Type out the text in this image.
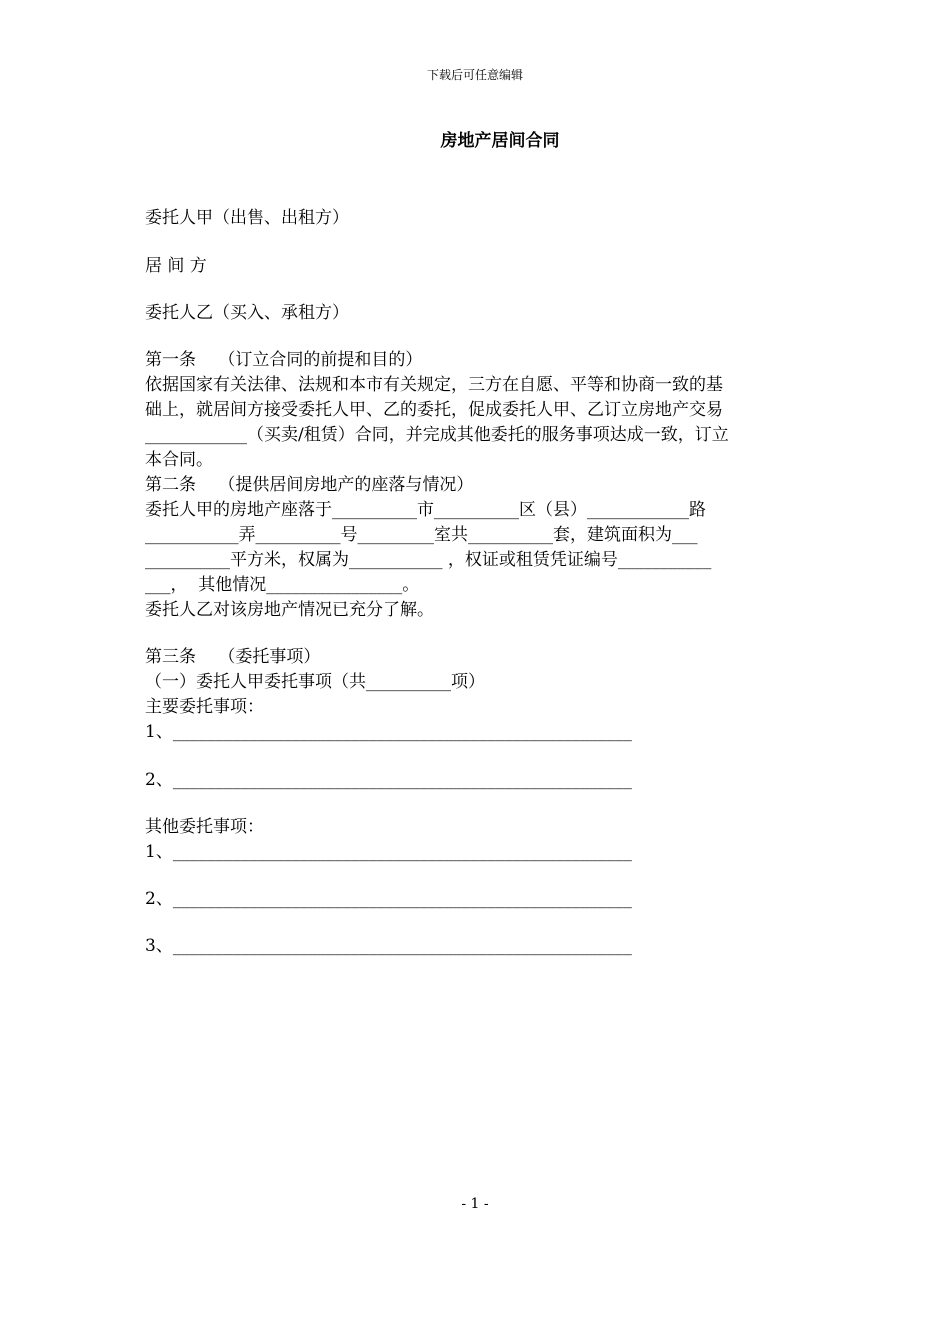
下载后可任意编辑
房地产居间合同
委托人甲（出售、出租方）
居 间 方
委托人乙（买入、承租方）
第一条　 （订立合同的前提和目的）
依据国家有关法律、法规和本市有关规定，三方在自愿、平等和协商一致的基
础上，就居间方接受委托人甲、乙的委托，促成委托人甲、乙订立房地产交易
____________（买卖/租赁）合同，并完成其他委托的服务事项达成一致，订立
本合同。
第二条　 （提供居间房地产的座落与情况）
委托人甲的房地产座落于__________市__________区（县）____________路
___________弄__________号_________室共__________套，建筑面积为___
__________平方米，权属为___________ ，权证或租赁凭证编号___________
___，  其他情况________________。
委托人乙对该房地产情况已充分了解。
第三条　 （委托事项）
（一）委托人甲委托事项（共__________项）
主要委托事项：
1、______________________________________________________
2、______________________________________________________
其他委托事项：
1、______________________________________________________
2、______________________________________________________
3、______________________________________________________
- 1 -
